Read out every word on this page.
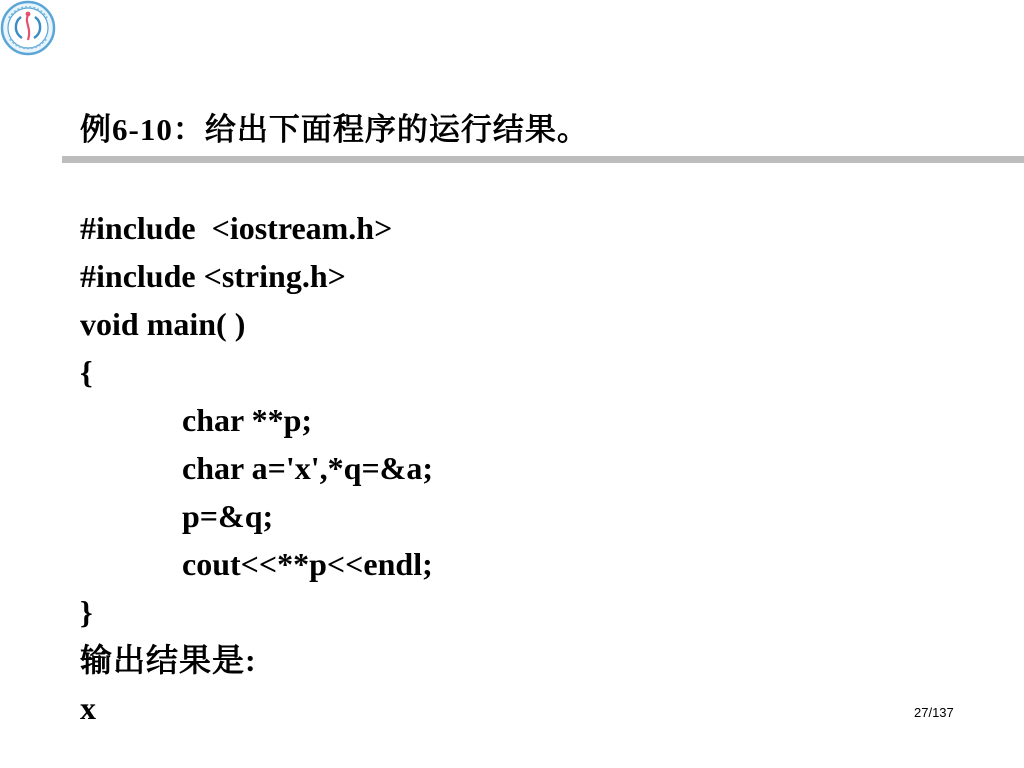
例6-10：给出下面程序的运行结果。
#include  <iostream.h>
#include <string.h>
void main( )
{
char **p;
char a='x',*q=&a;
p=&q;
cout<<**p<<endl;
}
输出结果是:
x	27/137
